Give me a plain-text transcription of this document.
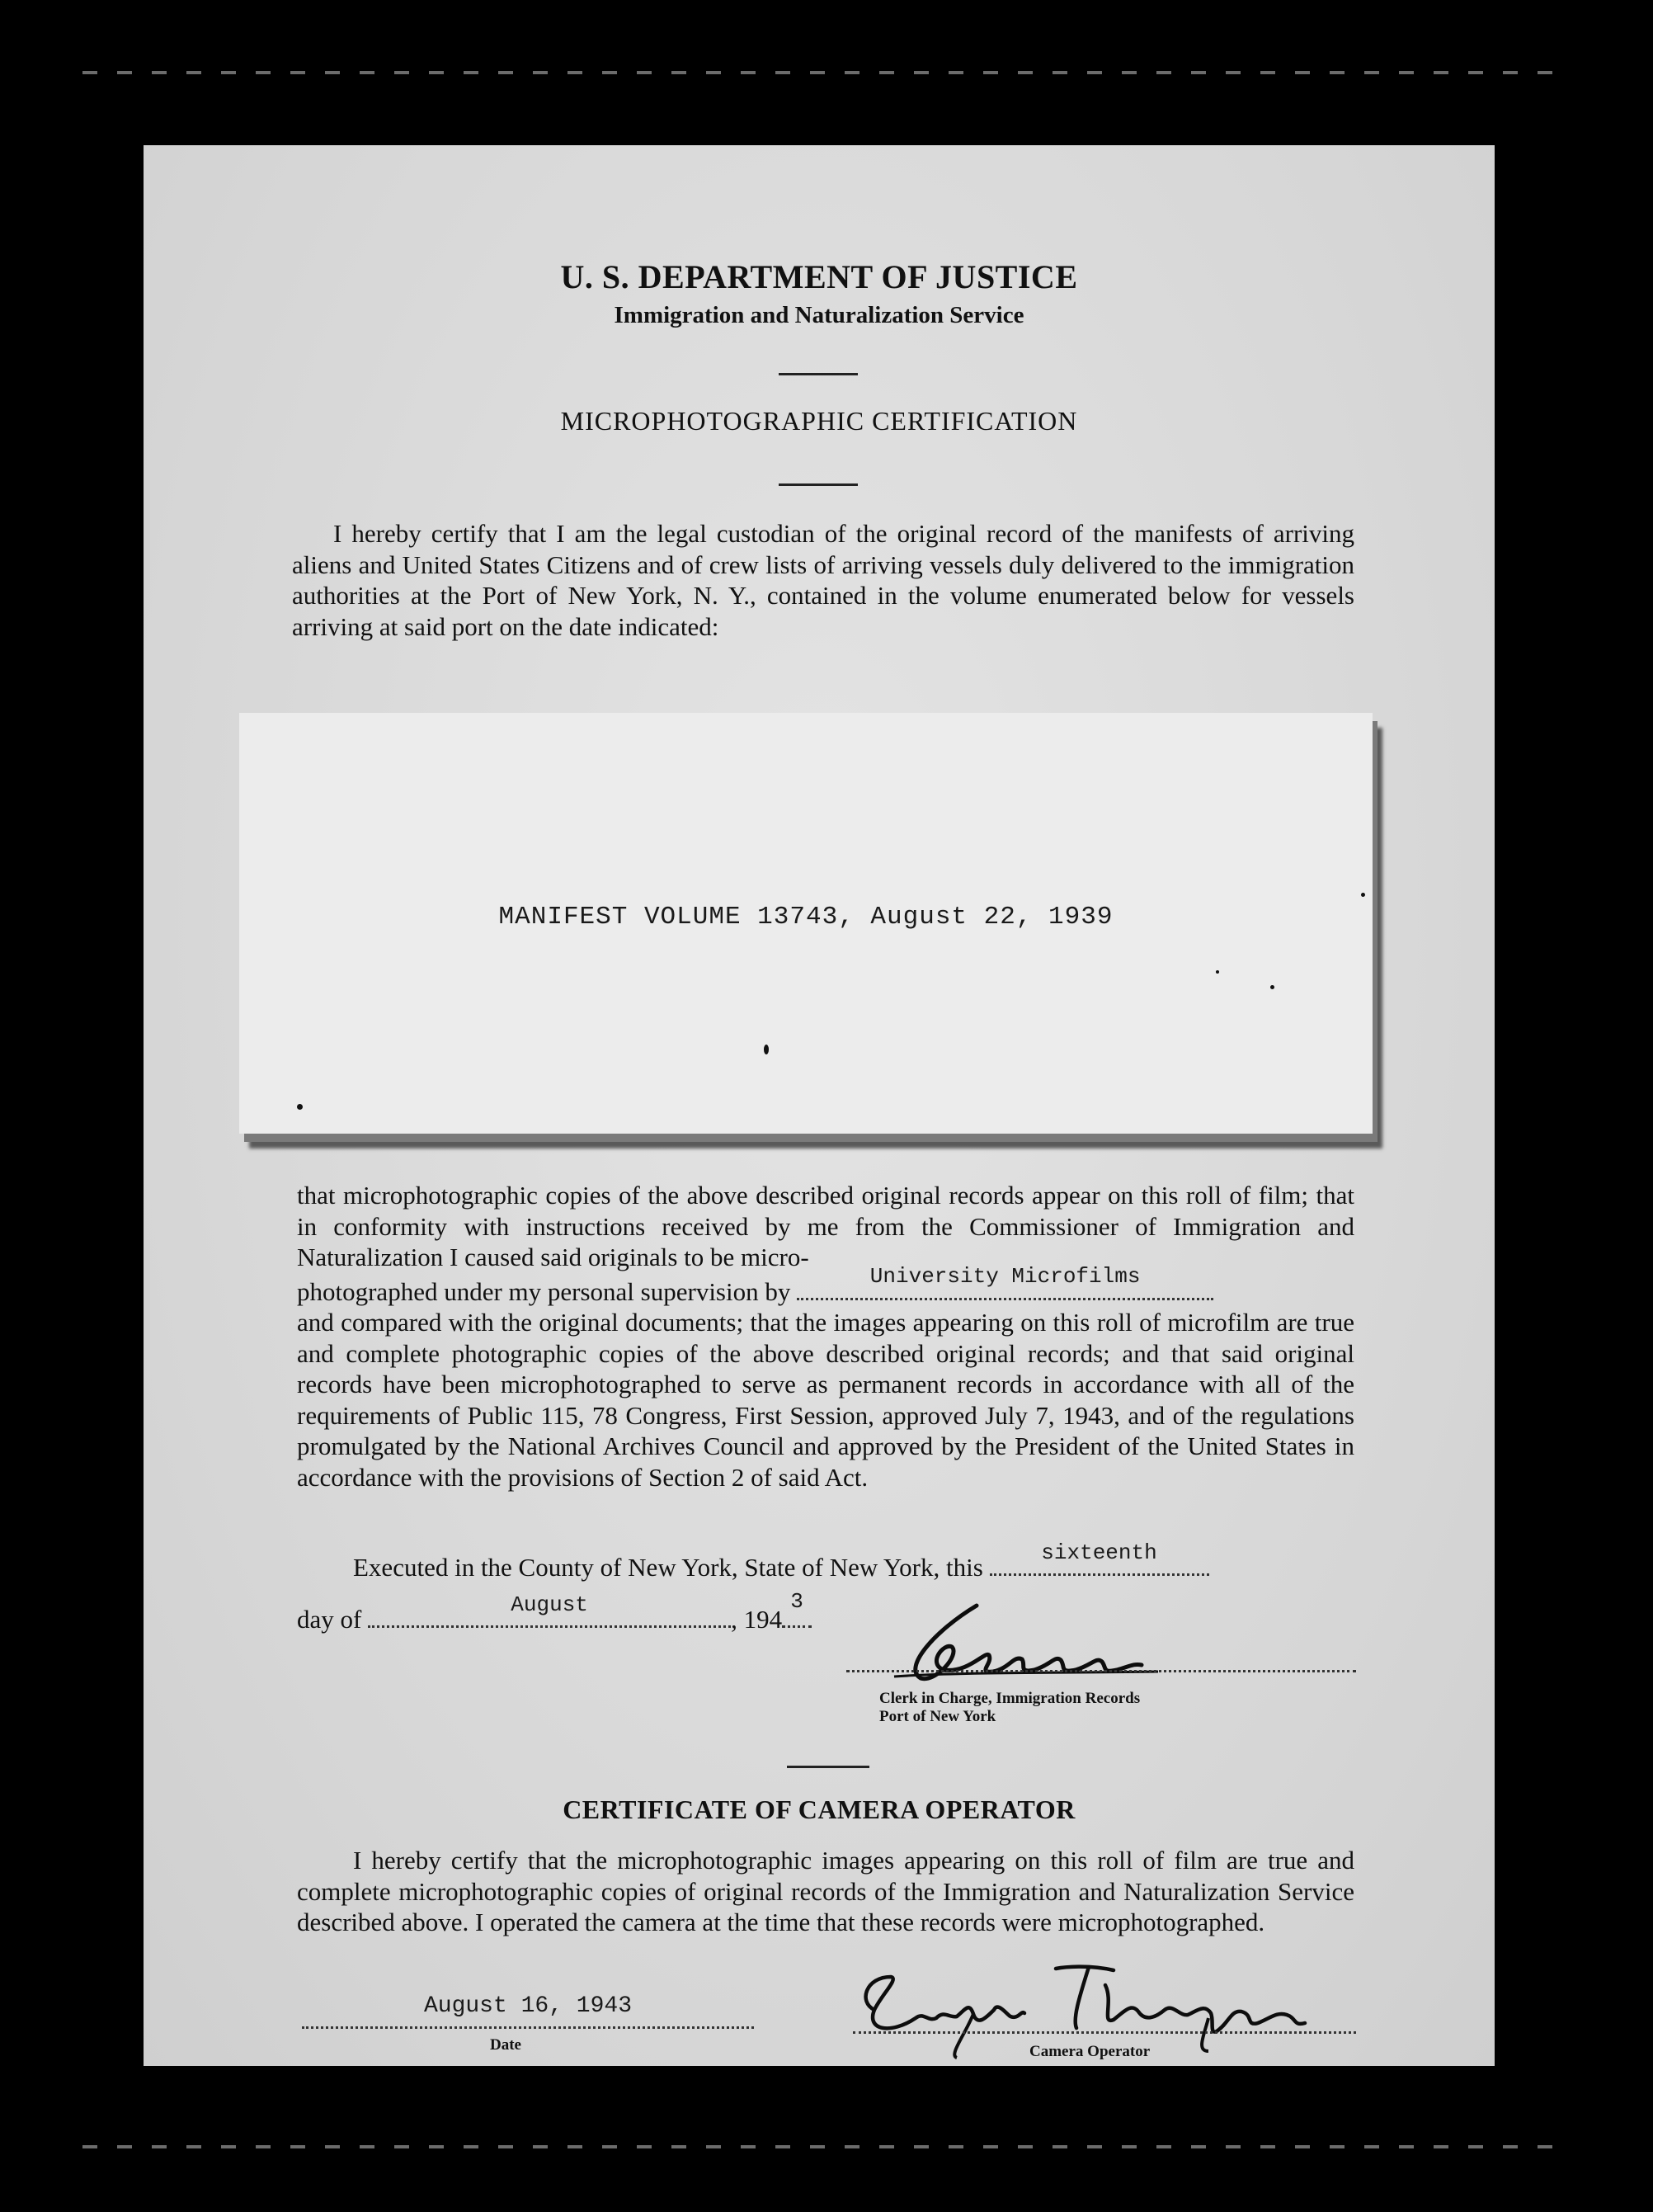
U. S. DEPARTMENT OF JUSTICE
Immigration and Naturalization Service
MICROPHOTOGRAPHIC CERTIFICATION

I hereby certify that I am the legal custodian of the original record of the manifests of arriving aliens and United States Citizens and of crew lists of arriving vessels duly delivered to the immigration authorities at the Port of New York, N. Y., contained in the volume enumerated below for vessels arriving at said port on the date indicated:

MANIFEST VOLUME 13743, August 22, 1939

that microphotographic copies of the above described original records appear on this roll of film; that in conformity with instructions received by me from the Commissioner of Immigration and Naturalization I caused said originals to be micro-

photographed under my personal supervision by
University Microfilms

and compared with the original documents; that the images appearing on this roll of microfilm are true and complete photographic copies of the above described original records; and that said original records have been microphotographed to serve as permanent records in accordance with all of the requirements of Public 115, 78 Congress, First Session, approved July 7, 1943, and of the regulations promulgated by the National Archives Council and approved by the President of the United States in accordance with the provisions of Section 2 of said Act.

Executed in the County of New York, State of New York, this
sixteenth
day of
August
, 194
3
Clerk in Charge, Immigration Records
Port of New York
CERTIFICATE OF CAMERA OPERATOR

I hereby certify that the microphotographic images appearing on this roll of film are true and complete microphotographic copies of original records of the Immigration and Naturalization Service described above. I operated the camera at the time that these records were microphotographed.

August 16, 1943
Date	Camera Operator
